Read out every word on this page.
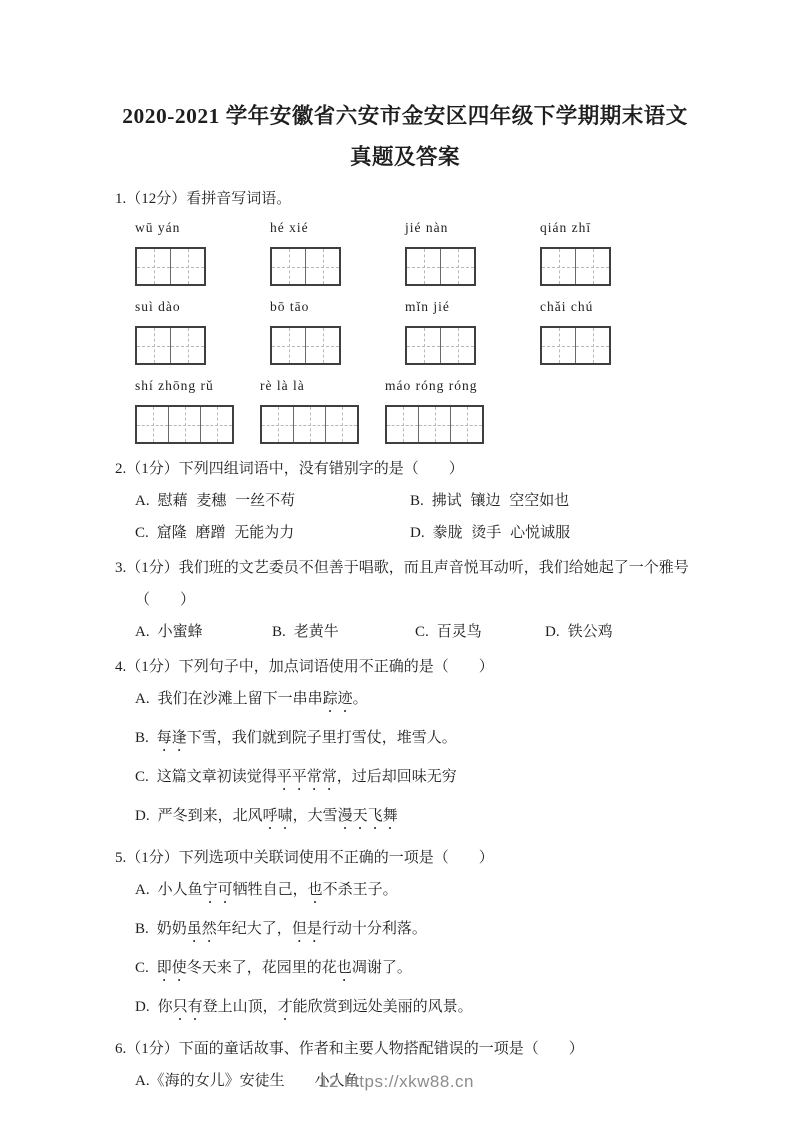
2020-2021 学年安徽省六安市金安区四年级下学期期末语文
真题及答案
1.（12分）看拼音写词语。
wū yán	hé xié	jié nàn	qián zhī
suì dào	bō tāo	mǐn jié	chǎi chú
shí zhōng rǔ	rè là là	máo róng róng
2.（1分）下列四组词语中，没有错别字的是（　　）
A. 慰藉 麦穗 一丝不苟	B. 拂试 镶边 空空如也
C. 窟隆 磨蹭 无能为力	D. 豢胧 烫手 心悦诚服
3.（1分）我们班的文艺委员不但善于唱歌，而且声音悦耳动听，我们给她起了一个雅号
（　　）
A. 小蜜蜂	B. 老黄牛	C. 百灵鸟	D. 铁公鸡
4.（1分）下列句子中，加点词语使用不正确的是（　　）
A. 我们在沙滩上留下一串串踪迹。
B. 每逢下雪，我们就到院子里打雪仗，堆雪人。
C. 这篇文章初读觉得平平常常，过后却回味无穷
D. 严冬到来，北风呼啸，大雪漫天飞舞
5.（1分）下列选项中关联词使用不正确的一项是（　　）
A. 小人鱼宁可牺牲自己，也不杀王子。
B. 奶奶虽然年纪大了，但是行动十分利落。
C. 即使冬天来了，花园里的花也凋谢了。
D. 你只有登上山顶，才能欣赏到远处美丽的风景。
6.（1分）下面的童话故事、作者和主要人物搭配错误的一项是（　　）
A.《海的女儿》安徒生　　小人鱼
12 https://xkw88.cn
